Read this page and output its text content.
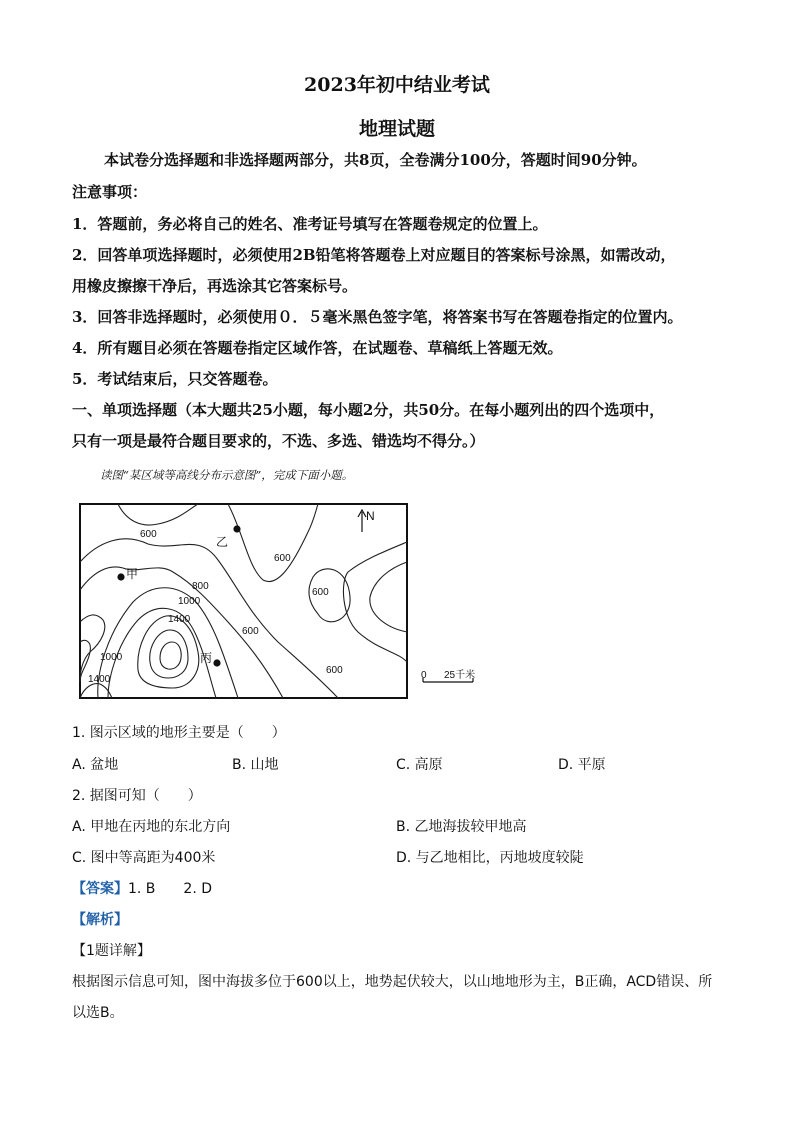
2023年初中结业考试
地理试题
本试卷分选择题和非选择题两部分，共8页，全卷满分100分，答题时间90分钟。
注意事项：
1．答题前，务必将自己的姓名、准考证号填写在答题卷规定的位置上。
2．回答单项选择题时，必须使用2B铅笔将答题卷上对应题目的答案标号涂黑，如需改动，
用橡皮擦擦干净后，再选涂其它答案标号。
3．回答非选择题时，必须使用０．５毫米黑色签字笔，将答案书写在答题卷指定的位置内。
4．所有题目必须在答题卷指定区域作答，在试题卷、草稿纸上答题无效。
5．考试结束后，只交答题卷。
一、单项选择题（本大题共25小题，每小题2分，共50分。在每小题列出的四个选项中，
只有一项是最符合题目要求的，不选、多选、错选均不得分。）
读图“某区域等高线分布示意图”，完成下面小题。
乙
甲
丙
600
600
600
600
600
800
1000
1000
1400
1400
N
0 25千米
1. 图示区域的地形主要是（　　）
A. 盆地	B. 山地	C. 高原	D. 平原
2. 据图可知（　　）
A. 甲地在丙地的东北方向	B. 乙地海拔较甲地高
C. 图中等高距为400米	D. 与乙地相比，丙地坡度较陡
【答案】1. B　　2. D
【解析】
【1题详解】
根据图示信息可知，图中海拔多位于600以上，地势起伏较大，以山地地形为主，B正确，ACD错误、所
以选B。
